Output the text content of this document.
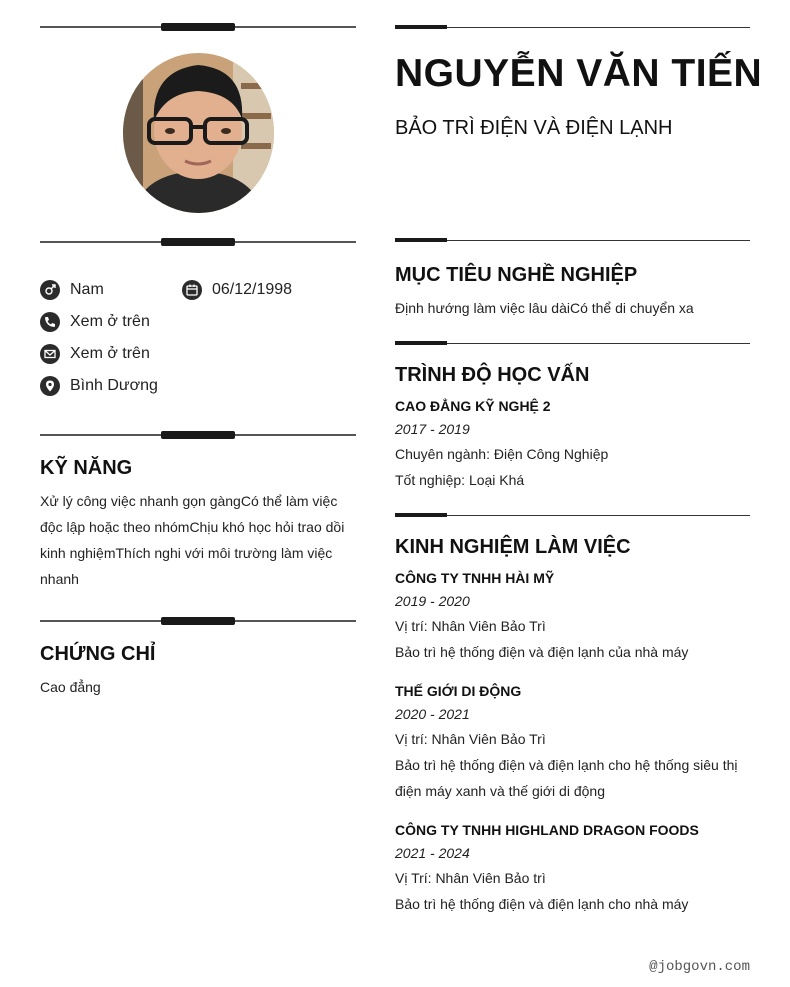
Nam	06/12/1998
Xem ở trên
Xem ở trên
Bình Dương
KỸ NĂNG
Xử lý công việc nhanh gọn gàngCó thể làm việc độc lập hoặc theo nhómChịu khó học hỏi trao dồi kinh nghiệmThích nghi với môi trường làm việc nhanh
CHỨNG CHỈ
Cao đẳng
NGUYỄN VĂN TIẾN
BẢO TRÌ ĐIỆN VÀ ĐIỆN LẠNH
MỤC TIÊU NGHỀ NGHIỆP
Định hướng làm việc lâu dàiCó thể di chuyển xa
TRÌNH ĐỘ HỌC VẤN
CAO ĐẲNG KỸ NGHỆ 2
2017 - 2019
Chuyên ngành: Điện Công Nghiệp
Tốt nghiệp: Loại Khá
KINH NGHIỆM LÀM VIỆC
CÔNG TY TNHH HÀI MỸ
2019 - 2020
Vị trí: Nhân Viên Bảo Trì
Bảo trì hệ thống điện và điện lạnh của nhà máy
THẾ GIỚI DI ĐỘNG
2020 - 2021
Vị trí: Nhân Viên Bảo Trì
Bảo trì hệ thống điện và điện lạnh cho hệ thống siêu thị điện máy xanh và thế giới di động
CÔNG TY TNHH HIGHLAND DRAGON FOODS
2021 - 2024
Vị Trí: Nhân Viên Bảo trì
Bảo trì hệ thống điện và điện lạnh cho nhà máy
@jobgovn.com
